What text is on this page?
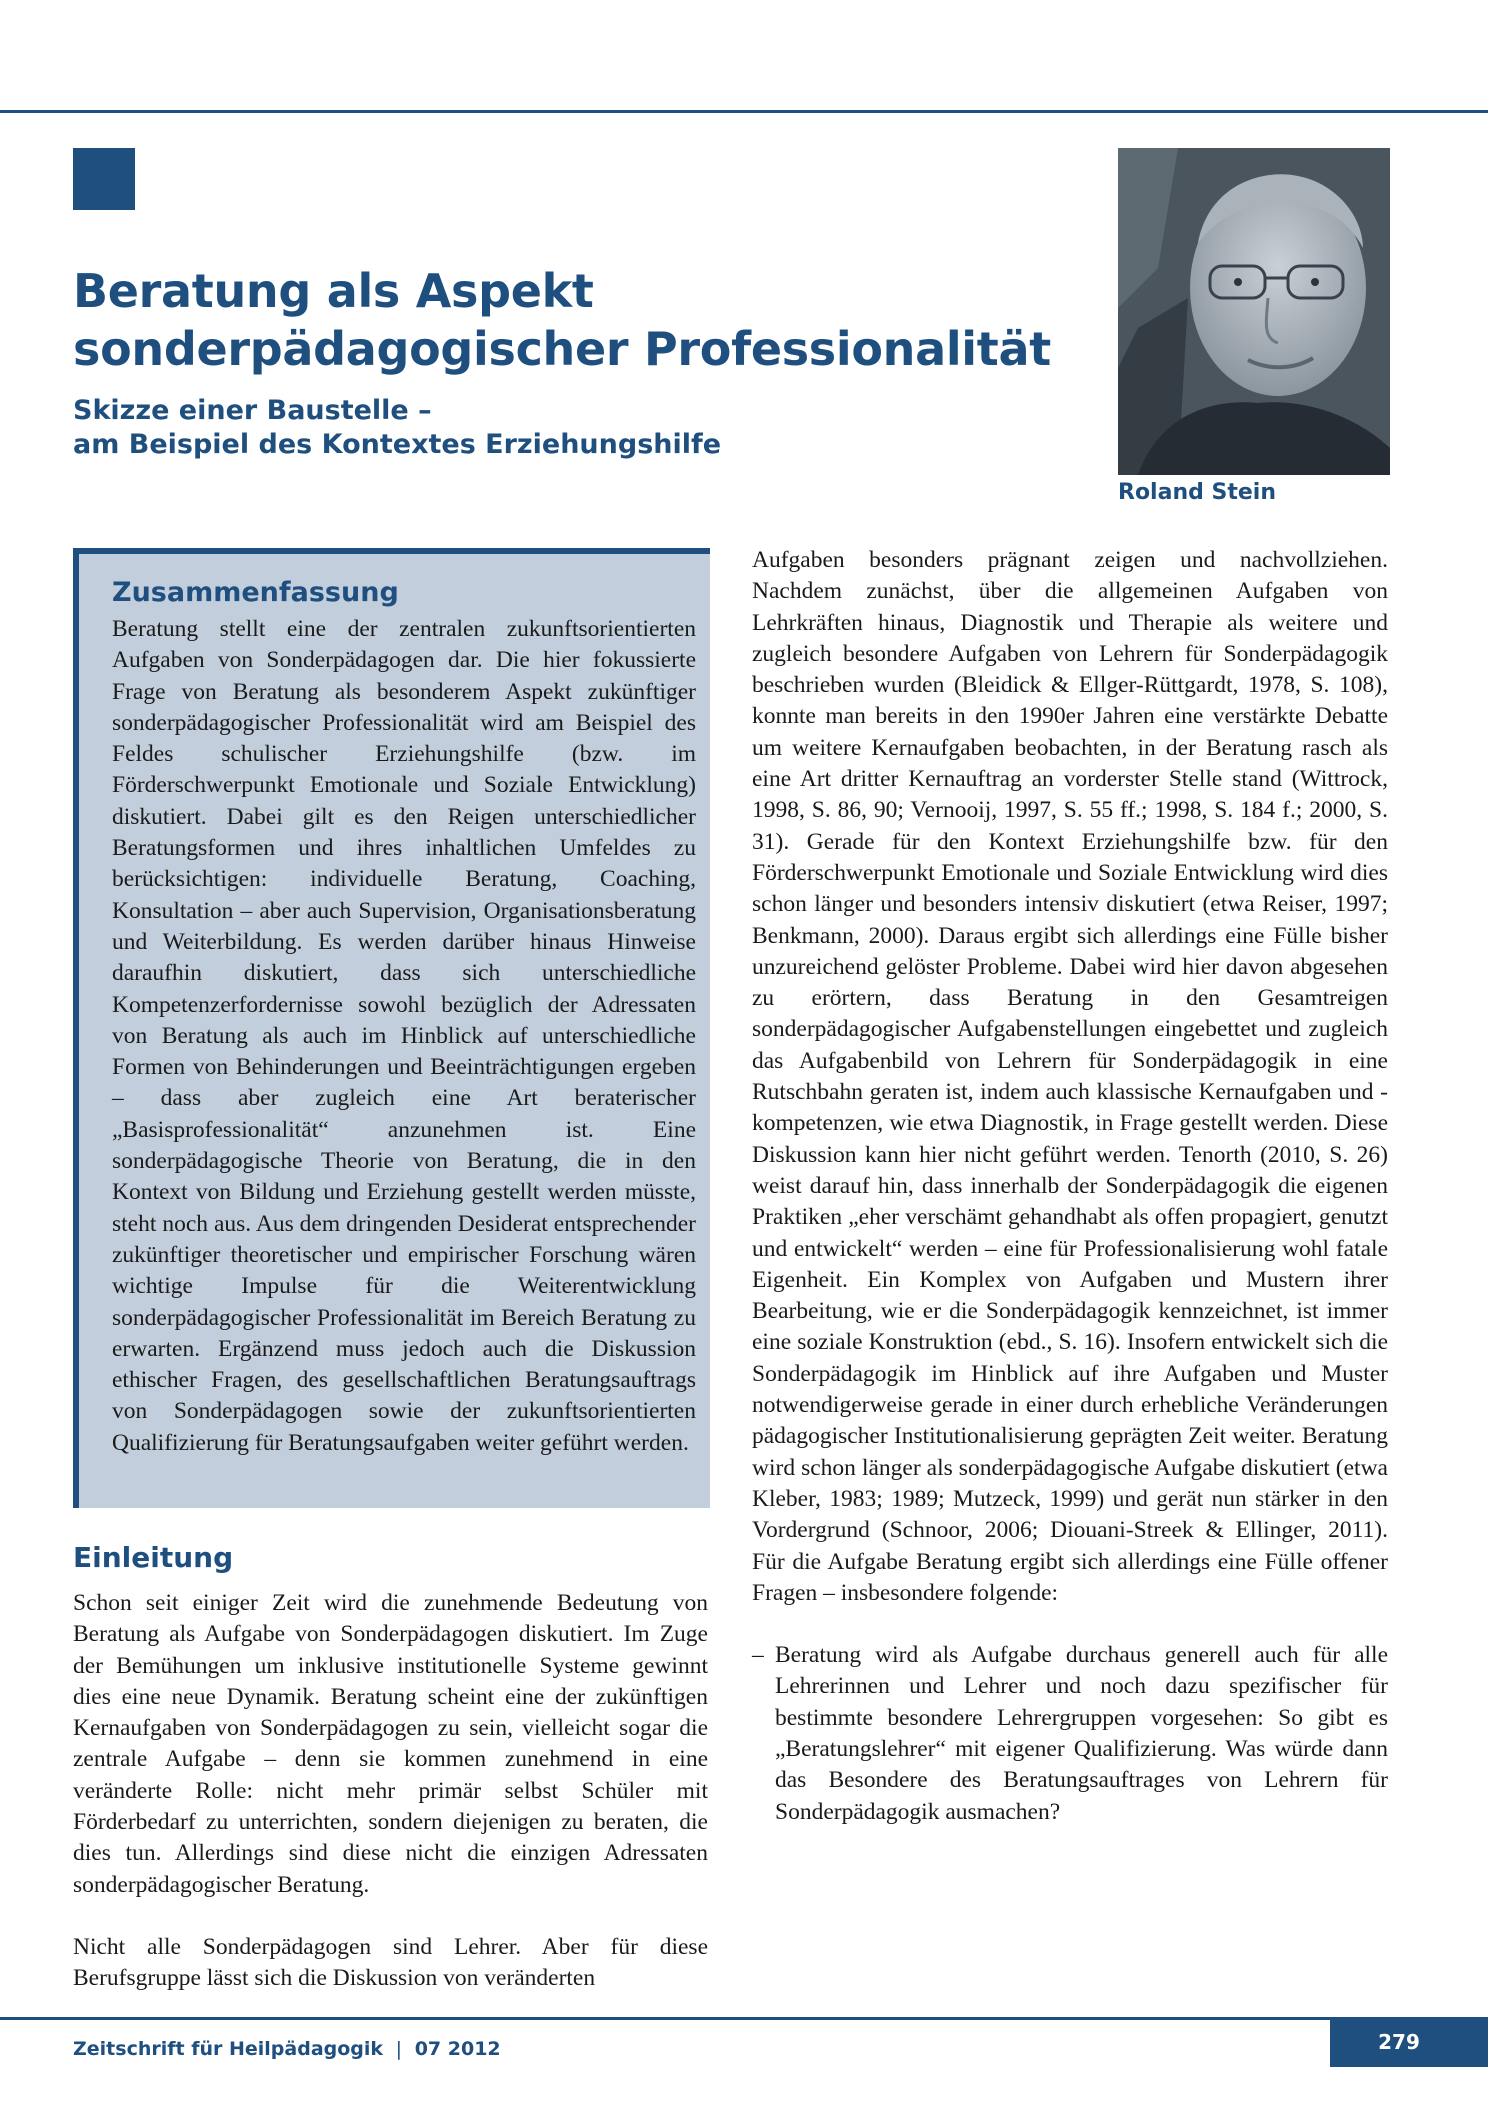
Beratung als Aspekt
sonderpädagogischer Professionalität
Skizze einer Baustelle –
am Beispiel des Kontextes Erziehungshilfe

Roland Stein

Zusammenfassung

Beratung stellt eine der zentralen zukunftsorientierten Aufgaben von Sonderpädagogen dar. Die hier fokussierte Frage von Beratung als besonderem Aspekt zukünftiger sonderpädagogischer Professionalität wird am Beispiel des Feldes schulischer Erziehungshilfe (bzw. im Förderschwerpunkt Emotionale und Soziale Entwicklung) diskutiert. Dabei gilt es den Reigen unterschiedlicher Beratungsformen und ihres inhaltlichen Umfeldes zu berücksichtigen: individuelle Beratung, Coaching, Konsultation – aber auch Supervision, Organisationsberatung und Weiterbildung. Es werden darüber hinaus Hinweise daraufhin diskutiert, dass sich unterschiedliche Kompetenzerfordernisse sowohl bezüglich der Adressaten von Beratung als auch im Hinblick auf unterschiedliche Formen von Behinderungen und Beeinträchtigungen ergeben – dass aber zugleich eine Art beraterischer „Basisprofessionalität“ anzunehmen ist. Eine sonderpädagogische Theorie von Beratung, die in den Kontext von Bildung und Erziehung gestellt werden müsste, steht noch aus. Aus dem dringenden Desiderat entsprechender zukünftiger theoretischer und empirischer Forschung wären wichtige Impulse für die Weiterentwicklung sonderpädagogischer Professionalität im Bereich Beratung zu erwarten. Ergänzend muss jedoch auch die Diskussion ethischer Fragen, des gesellschaftlichen Beratungsauftrags von Sonderpädagogen sowie der zukunftsorientierten Qualifizierung für Beratungsaufgaben weiter geführt werden.

Einleitung

Schon seit einiger Zeit wird die zunehmende Bedeutung von Beratung als Aufgabe von Sonderpädagogen diskutiert. Im Zuge der Bemühungen um inklusive institutionelle Systeme gewinnt dies eine neue Dynamik. Beratung scheint eine der zukünftigen Kernaufgaben von Sonderpädagogen zu sein, vielleicht sogar die zentrale Aufgabe – denn sie kommen zunehmend in eine veränderte Rolle: nicht mehr primär selbst Schüler mit Förderbedarf zu unterrichten, sondern diejenigen zu beraten, die dies tun. Allerdings sind diese nicht die einzigen Adressaten sonderpädagogischer Beratung.

Nicht alle Sonderpädagogen sind Lehrer. Aber für diese Berufsgruppe lässt sich die Diskussion von veränderten

Aufgaben besonders prägnant zeigen und nachvollziehen. Nachdem zunächst, über die allgemeinen Aufgaben von Lehrkräften hinaus, Diagnostik und Therapie als weitere und zugleich besondere Aufgaben von Lehrern für Sonderpädagogik beschrieben wurden (Bleidick & Ellger-Rüttgardt, 1978, S. 108), konnte man bereits in den 1990er Jahren eine verstärkte Debatte um weitere Kernaufgaben beobachten, in der Beratung rasch als eine Art dritter Kernauftrag an vorderster Stelle stand (Wittrock, 1998, S. 86, 90; Vernooij, 1997, S. 55 ff.; 1998, S. 184 f.; 2000, S. 31). Gerade für den Kontext Erziehungshilfe bzw. für den Förderschwerpunkt Emotionale und Soziale Entwicklung wird dies schon länger und besonders intensiv diskutiert (etwa Reiser, 1997; Benkmann, 2000). Daraus ergibt sich allerdings eine Fülle bisher unzureichend gelöster Probleme. Dabei wird hier davon abgesehen zu erörtern, dass Beratung in den Gesamtreigen sonderpädagogischer Aufgabenstellungen eingebettet und zugleich das Aufgabenbild von Lehrern für Sonderpädagogik in eine Rutschbahn geraten ist, indem auch klassische Kernaufgaben und -kompetenzen, wie etwa Diagnostik, in Frage gestellt werden. Diese Diskussion kann hier nicht geführt werden. Tenorth (2010, S. 26) weist darauf hin, dass innerhalb der Sonderpädagogik die eigenen Praktiken „eher verschämt gehandhabt als offen propagiert, genutzt und entwickelt“ werden – eine für Professionalisierung wohl fatale Eigenheit. Ein Komplex von Aufgaben und Mustern ihrer Bearbeitung, wie er die Sonderpädagogik kennzeichnet, ist immer eine soziale Konstruktion (ebd., S. 16). Insofern entwickelt sich die Sonderpädagogik im Hinblick auf ihre Aufgaben und Muster notwendigerweise gerade in einer durch erhebliche Veränderungen pädagogischer Institutionalisierung geprägten Zeit weiter. Beratung wird schon länger als sonderpädagogische Aufgabe diskutiert (etwa Kleber, 1983; 1989; Mutzeck, 1999) und gerät nun stärker in den Vordergrund (Schnoor, 2006; Diouani-Streek & Ellinger, 2011). Für die Aufgabe Beratung ergibt sich allerdings eine Fülle offener Fragen – insbesondere folgende:

– Beratung wird als Aufgabe durchaus generell auch für alle Lehrerinnen und Lehrer und noch dazu spezifischer für bestimmte besondere Lehrergruppen vorgesehen: So gibt es „Beratungslehrer“ mit eigener Qualifizierung. Was würde dann das Besondere des Beratungsauftrages von Lehrern für Sonderpädagogik ausmachen?

Zeitschrift für Heilpädagogik | 07 2012	279
